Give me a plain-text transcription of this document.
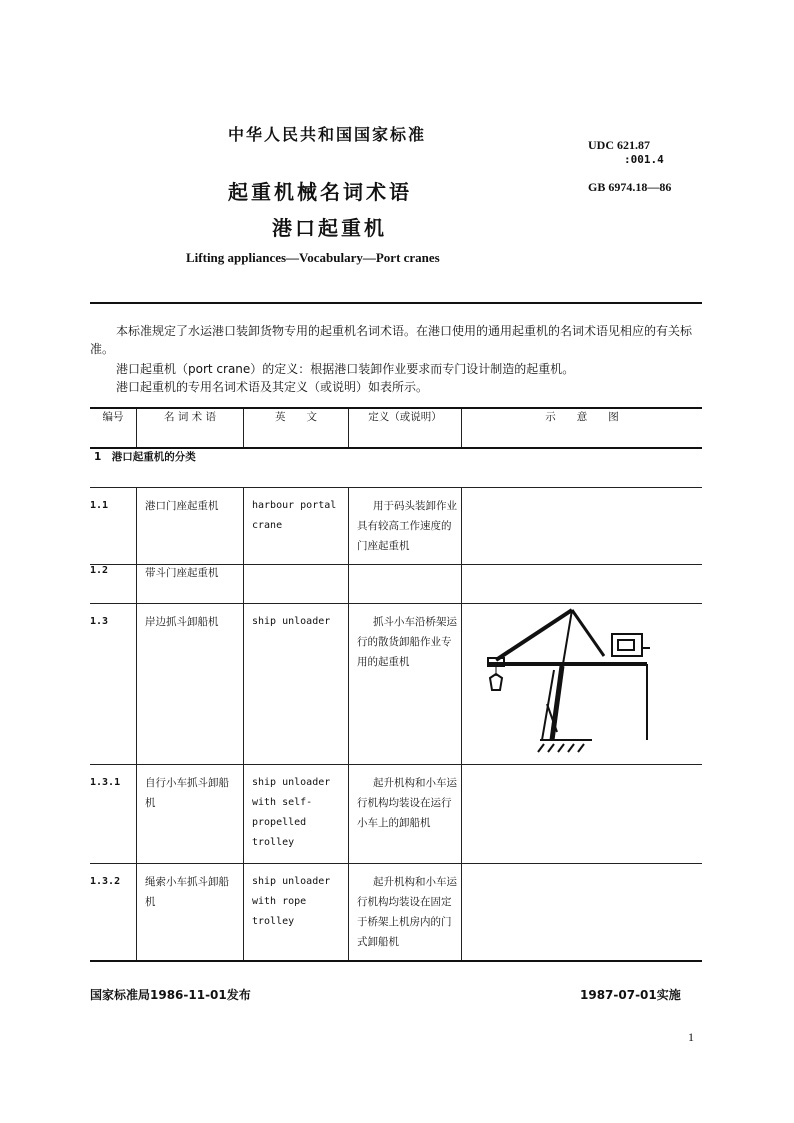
中华人民共和国国家标准
UDC 621.87
:001.4
起重机械名词术语	GB 6974.18—86
港口起重机
Lifting appliances—Vocabulary—Port cranes
本标准规定了水运港口装卸货物专用的起重机名词术语。在港口使用的通用起重机的名词术语见相应的有关标准。
港口起重机（port crane）的定义：根据港口装卸作业要求而专门设计制造的起重机。
港口起重机的专用名词术语及其定义（或说明）如表所示。
编号	名 词 术 语	英　　文	定义（或说明）	示　　意　　图
1　港口起重机的分类				

1.1	港口门座起重机	harbour portal crane	用于码头装卸作业具有较高工作速度的门座起重机	

1.2	带斗门座起重机			

1.3	岸边抓斗卸船机	ship unloader	抓斗小车沿桥架运行的散货卸船作业专用的起重机

1.3.1	自行小车抓斗卸船机	ship unloader with self-propelled trolley	起升机构和小车运行机构均装设在运行小车上的卸船机	

1.3.2	绳索小车抓斗卸船机	ship unloader with rope trolley	起升机构和小车运行机构均装设在固定于桥架上机房内的门式卸船机	

国家标准局1986-11-01发布	1987-07-01实施
1
